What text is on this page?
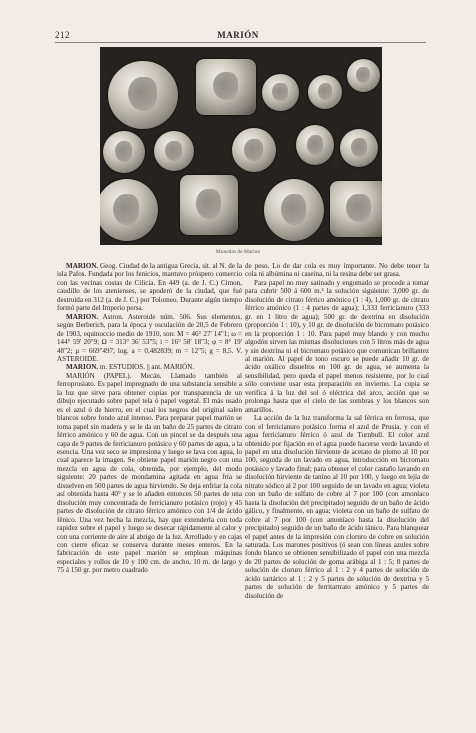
212	MARIÓN
Monedas de Marion

MARION. Geog. Ciudad de la antigua Grecia, sit. al N. de la isla Pafos. Fundada por los fenicios, mantuvo próspero comercio con las vecinas costas de Cilicia. En 449 (a. de J. C.) Cimon, caudillo de los atenienses, se apoderó de la ciudad, que fué destruída en 312 (a. de J. C.) por Tolomeo. Durante algún tiempo formó parte del Imperio persa.

MARION. Astron. Asteroide núm. 506. Sus elementos, según Berberich, para la época y osculación de 20,5 de Febrero de 1903, equinoccio medio de 1910, son: M = 46° 27' 14"1; ω = 144° 59' 20"9; Ω = 313° 36' 53"5; i = 16° 58' 18"3; φ = 8° 19' 48"2; μ = 669"497; log. a = 0,482839; m = 12"5; g = 8,5. V. ASTEROIDE.

MARION. m. ESTUDIOS. || ant. MARIÓN.

MARIÓN (PAPEL). Mecán. Llamado también al ferroprusiato. Es papel impregnado de una substancia sensible a la luz que sirve para obtener copias por transparencia de un dibujo ejecutado sobre papel tela ó papel vegetal. El más usado es el azul ó de hierro, en el cual los negros del original salen blancos sobre fondo azul intenso. Para preparar papel marión se toma papel sin madera y se le da un baño de 25 partes de citrato férrico amónico y 60 de agua. Con un pincel se da después una capa de 9 partes de ferricianuro potásico y 60 partes de agua, a la esencia. Una vez seco se impresiona y luego se lava con agua, lo cual aparece la imagen. Se obtiene papel marión negro con una mezcla en agua de cola, obtenida, por ejemplo, del modo siguiente: 20 partes de mondamina agitada en agua fría se disuelven en 500 partes de agua hirviendo. Se deja enfriar la cola así obtenida hasta 40° y se le añaden entonces 50 partes de una disolución muy concentrada de ferricianuro potásico (rojo) y 45 partes de disolución de citrato férrico amónico con 1/4 de ácido fénico. Una vez hecha la mezcla, hay que extenderla con toda rapidez sobre el papel y luego se desecar rápidamente al calor y con una corriente de aire al abrigo de la luz. Arrollado y en cajas con cierre eficaz se conserva durante meses enteros. En la fabricación de este papel marión se emplean máquinas especiales y rollos de 10 y 100 cm. de ancho, 10 m. de largo y 75 á 150 gr. por metro cuadrado

de peso. Lo de dar cola es muy importante. No debe tener la cola ni albúmina ni caseína, ni la resina debe ser grasa.

Para papel no muy satinado y engomado se procede a tomar para cubrir 500 á 600 m.² la solución siguiente: 3,000 gr. de disolución de citrato férrico amónico (1 : 4), 1,000 gr. de citrato férrico amónico (1 : 4 partes de agua); 1,333 ferricianuro (333 gr. en 1 litro de agua); 500 gr. de dextrina en disolución (proporción 1 : 10), y 10 gr. de disolución de bicromato potásico en la proporción 1 : 10. Para papel muy blando y con mucho algodón sirven las mismas disoluciones con 5 litros más de agua y sin dextrina ni el bicromato potásico que comunican brillantez al marión. Al papel de tono oscuro se puede añadir 10 gr. de ácido oxálico disueltos en 100 gr. de agua, se aumenta la sensibilidad, pero queda el papel menos resistente, por lo cual sólo conviene usar esta preparación en invierno. La copia se verifica á la luz del sol ó eléctrica del arco, acción que se prolonga hasta que el cielo de las sombras y los blancos son amarillos.

La acción de la luz transforma la sal férrica en ferrosa, que con el ferricianuro potásico forma el azul de Prusia, y con el agua ferricianuro férrico ó azul de Turnbull. El color azul obtenido por fijación en el agua puede hacerse verde lavando el papel en una disolución hirviente de acetato de plomo al 10 por 100, seguida de un lavado en agua, introducción en bicromato potásico y lavado final; para obtener el color castaño lavando en disolución hirviente de tanino al 10 por 100, y luego en lejía de nitrato sódico al 2 por 100 seguido de un lavado en agua; violeta con un baño de sulfato de cobre al 7 por 100 (con amoníaco hasta la disolución del precipitado) seguido de un baño de ácido gálico, y finalmente, en agua; violeta con un baño de sulfato de cobre al 7 por 100 (con amoníaco hasta la disolución del precipitado) seguido de un baño de ácido tánico. Para blanquear el papel antes de la impresión con cloruro de cobre en solución saturada. Los marones positivos (ó sean con líneas azules sobre fondo blanco se obtienen sensibilizado el papel con una mezcla de 20 partes de solución de goma arábiga al 1 : 5; 8 partes de solución de cloruro férrico al 1 : 2 y 4 partes de solución de ácido tartárico al 1 : 2 y 5 partes de solución de dextrina y 5 partes de solución de ferritartrato amónico y 5 partes de disolución de
